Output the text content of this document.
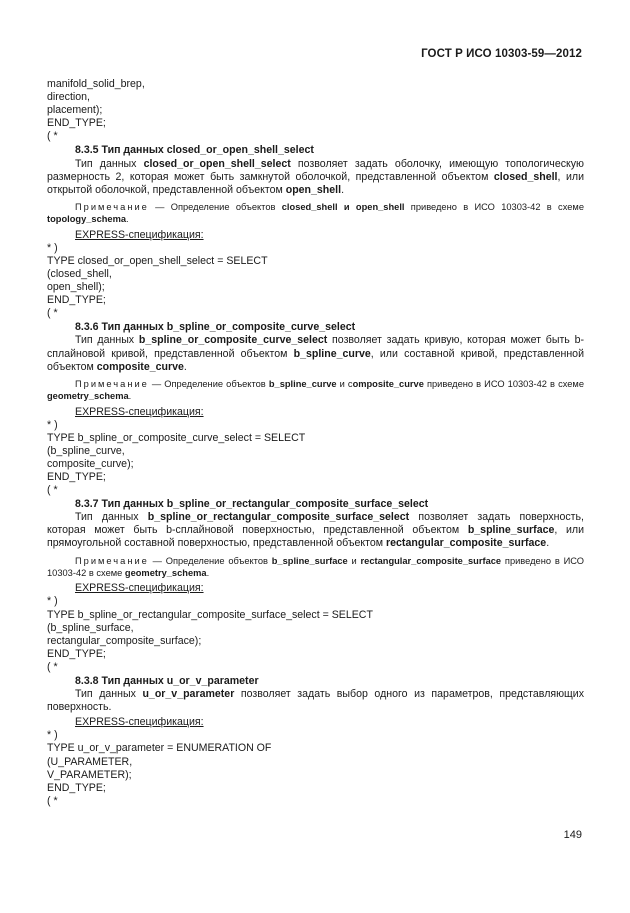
ГОСТ Р ИСО 10303-59—2012
manifold_solid_brep,
direction,
placement);
END_TYPE;
( *
8.3.5 Тип данных closed_or_open_shell_select

Тип данных closed_or_open_shell_select позволяет задать оболочку, имеющую топологическую размерность 2, которая может быть замкнутой оболочкой, представленной объектом closed_shell, или открытой оболочкой, представленной объектом open_shell.

Примечание — Определение объектов closed_shell и open_shell приведено в ИСО 10303-42 в схеме topology_schema.

EXPRESS-спецификация:
* )
TYPE closed_or_open_shell_select = SELECT
(closed_shell,
open_shell);
END_TYPE;
( *
8.3.6 Тип данных b_spline_or_composite_curve_select

Тип данных b_spline_or_composite_curve_select позволяет задать кривую, которая может быть b-сплайновой кривой, представленной объектом b_spline_curve, или составной кривой, представленной объектом composite_curve.

Примечание — Определение объектов b_spline_curve и сomposite_curve приведено в ИСО 10303-42 в схеме geometry_schema.

EXPRESS-спецификация:
* )
TYPE b_spline_or_composite_curve_select = SELECT
(b_spline_curve,
composite_curve);
END_TYPE;
( *
8.3.7 Тип данных b_spline_or_rectangular_composite_surface_select

Тип данных b_spline_or_rectangular_composite_surface_select позволяет задать поверхность, которая может быть b-сплайновой поверхностью, представленной объектом b_spline_surface, или прямоугольной составной поверхностью, представленной объектом rectangular_composite_surface.

Примечание — Определение объектов b_spline_surface и rectangular_composite_surface приведено в ИСО 10303-42 в схеме geometry_schema.

EXPRESS-спецификация:
* )
TYPE b_spline_or_rectangular_composite_surface_select = SELECT
(b_spline_surface,
rectangular_composite_surface);
END_TYPE;
( *
8.3.8 Тип данных u_or_v_parameter

Тип данных u_or_v_parameter позволяет задать выбор одного из параметров, представляющих поверхность.

EXPRESS-спецификация:
* )
TYPE u_or_v_parameter = ENUMERATION OF
(U_PARAMETER,
V_PARAMETER);
END_TYPE;
( *
149
